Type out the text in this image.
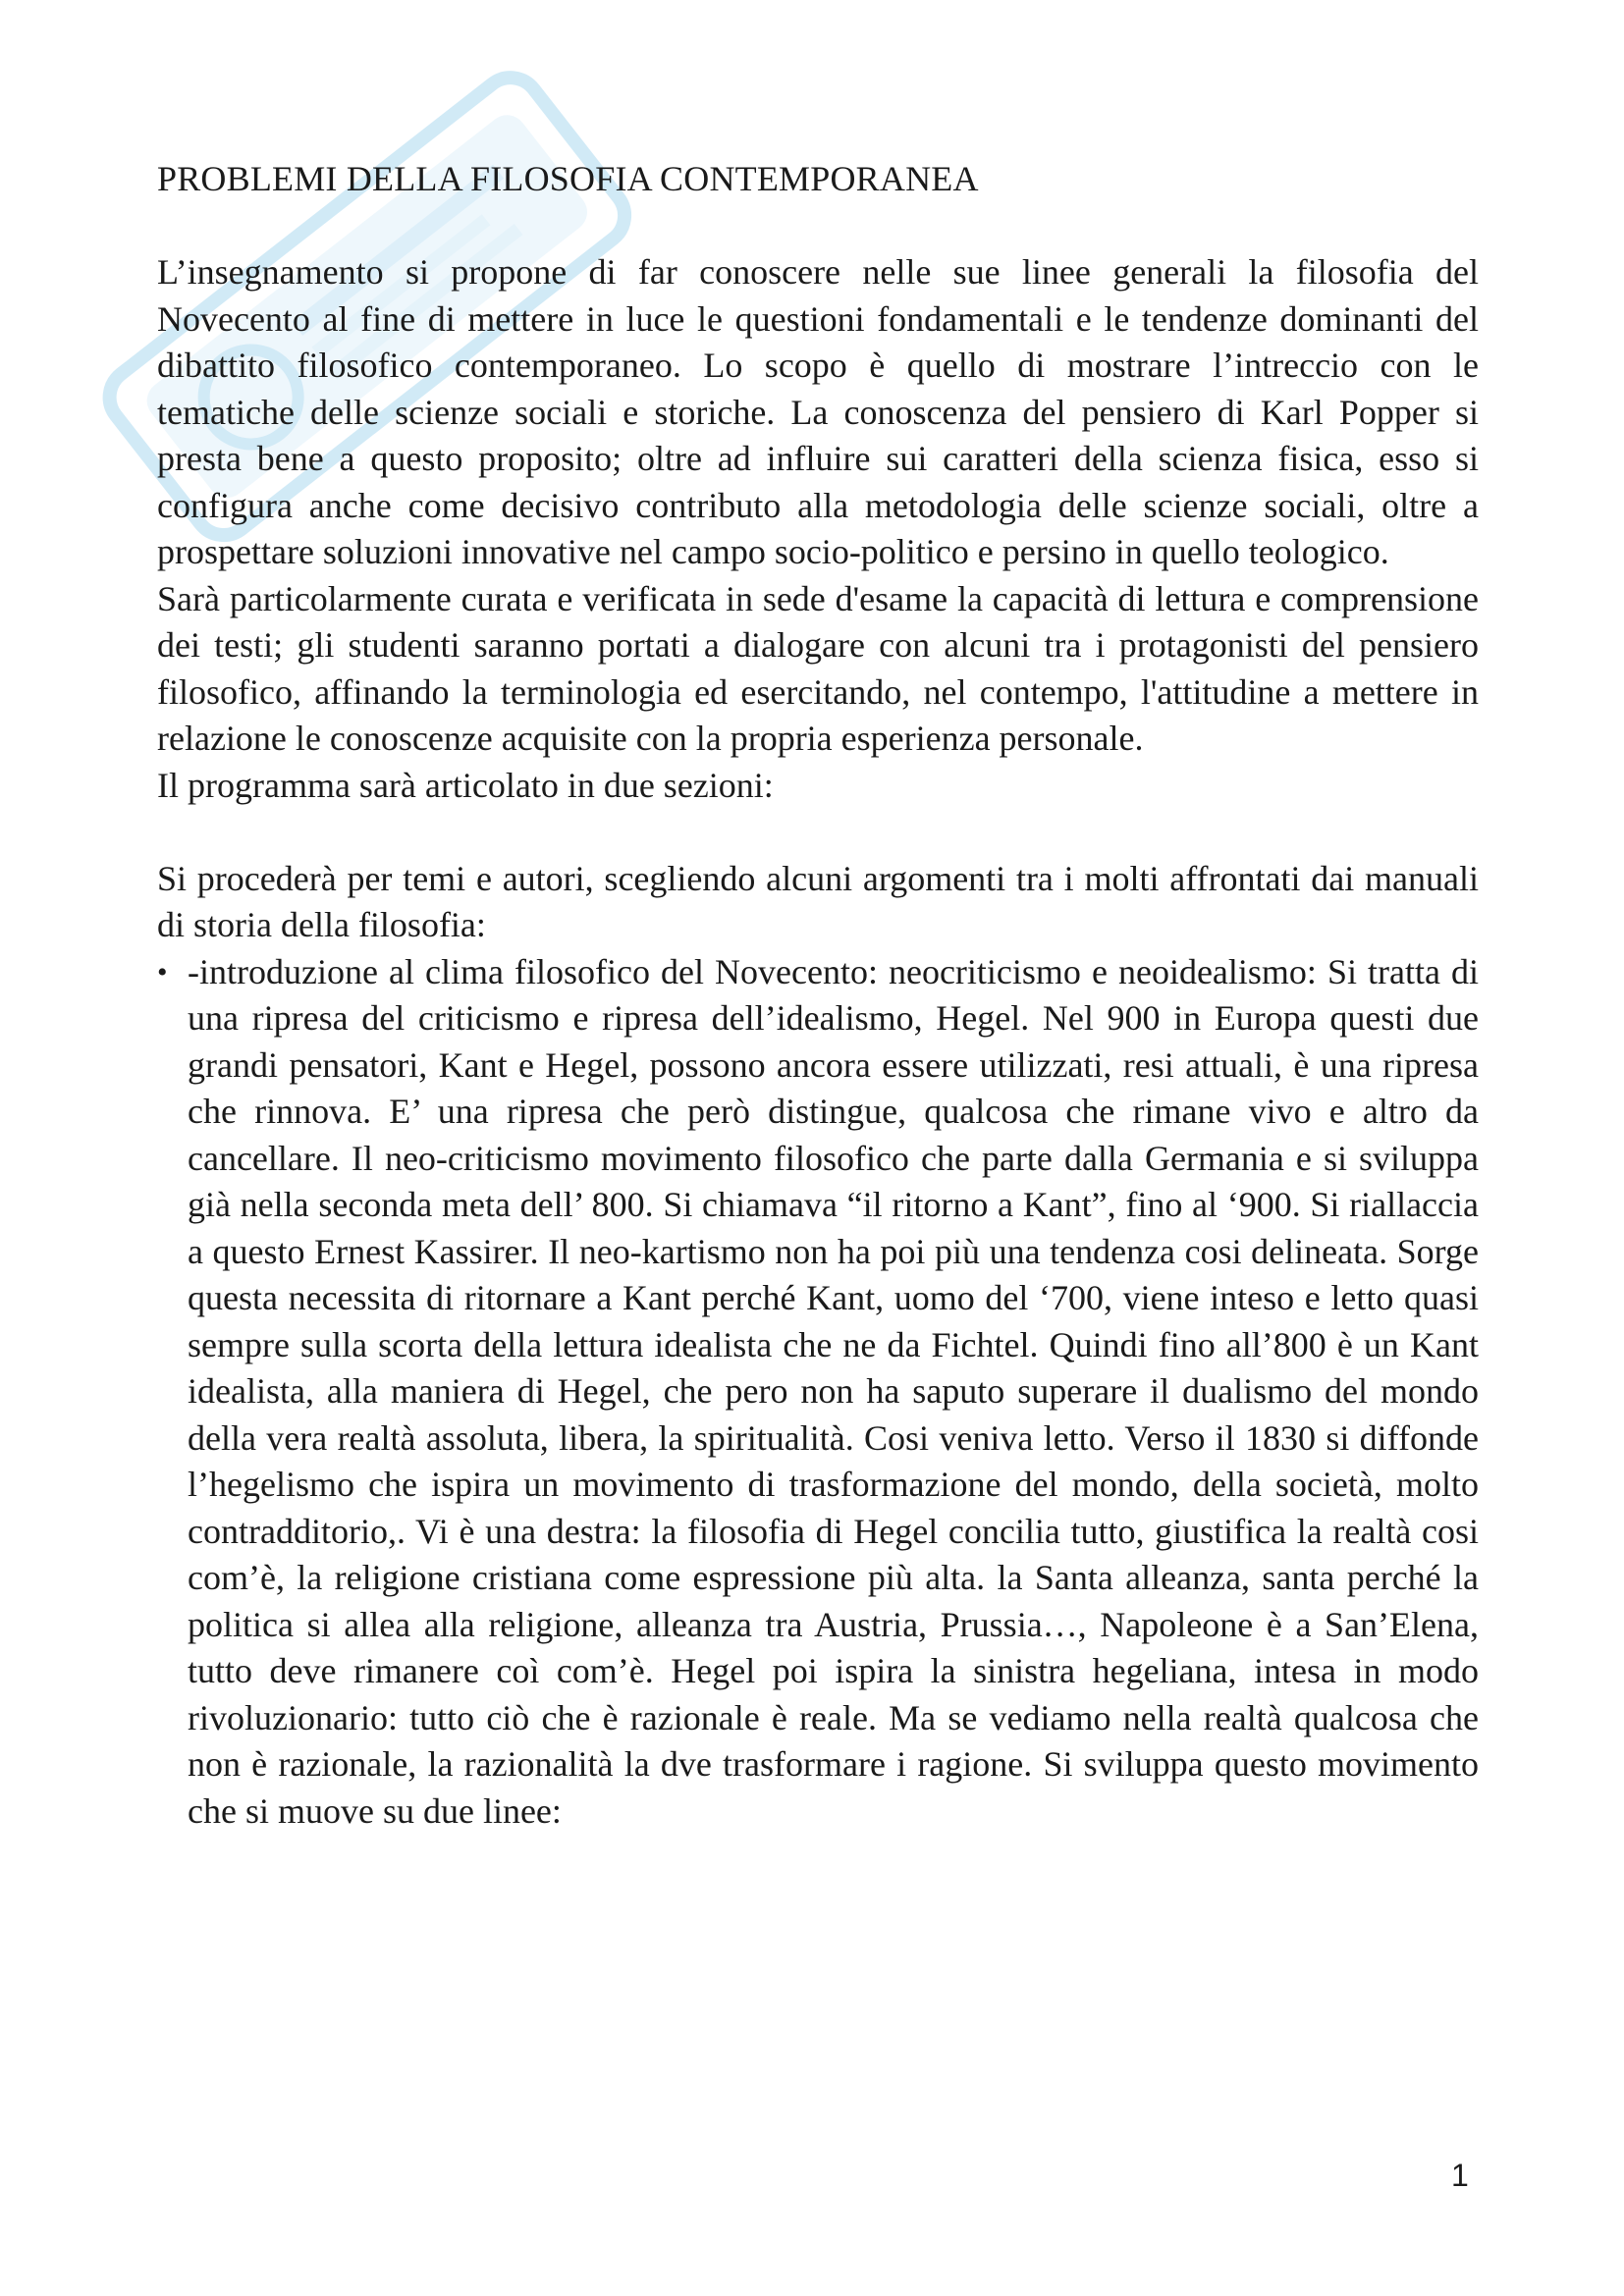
PROBLEMI DELLA FILOSOFIA CONTEMPORANEA

L’insegnamento si propone di far conoscere nelle sue linee generali la filosofia del Novecento al fine di mettere in luce le questioni fondamentali e le tendenze dominanti del dibattito filosofico contemporaneo. Lo scopo è quello di mostrare l’intreccio con le tematiche delle scienze sociali e storiche. La conoscenza del pensiero di Karl Popper si presta bene a questo proposito; oltre ad influire sui caratteri della scienza fisica, esso si configura anche come decisivo contributo alla metodologia delle scienze sociali, oltre a prospettare soluzioni innovative nel campo socio-politico e persino in quello teologico.

Sarà particolarmente curata e verificata in sede d'esame la capacità di lettura e comprensione dei testi; gli studenti saranno portati a dialogare con alcuni tra i protagonisti del pensiero filosofico, affinando la terminologia ed esercitando, nel contempo, l'attitudine a mettere in relazione le conoscenze acquisite con la propria esperienza personale.

Il programma sarà articolato in due sezioni:

Si procederà per temi e autori, scegliendo alcuni argomenti tra i molti affrontati dai manuali di storia della filosofia:

• -introduzione al clima filosofico del Novecento: neocriticismo e neoidealismo: Si tratta di una ripresa del criticismo e ripresa dell’idealismo, Hegel. Nel 900 in Europa questi due grandi pensatori, Kant e Hegel, possono ancora essere utilizzati, resi attuali, è una ripresa che rinnova. E’ una ripresa che però distingue, qualcosa che rimane vivo e altro da cancellare. Il neo-criticismo movimento filosofico che parte dalla Germania e si sviluppa già nella seconda meta dell’ 800. Si chiamava “il ritorno a Kant”, fino al ‘900. Si riallaccia a questo Ernest Kassirer. Il neo-kartismo non ha poi più una tendenza cosi delineata. Sorge questa necessita di ritornare a Kant perché Kant, uomo del ‘700, viene inteso e letto quasi sempre sulla scorta della lettura idealista che ne da Fichtel. Quindi fino all’800 è un Kant idealista, alla maniera di Hegel, che pero non ha saputo superare il dualismo del mondo della vera realtà assoluta, libera, la spiritualità. Cosi veniva letto. Verso il 1830 si diffonde l’hegelismo che ispira un movimento di trasformazione del mondo, della società, molto contradditorio,. Vi è una destra: la filosofia di Hegel concilia tutto, giustifica la realtà cosi com’è, la religione cristiana come espressione più alta. la Santa alleanza, santa perché la politica si allea alla religione, alleanza tra Austria, Prussia…, Napoleone è a San’Elena, tutto deve rimanere coì com’è. Hegel poi ispira la sinistra hegeliana, intesa in modo rivoluzionario: tutto ciò che è razionale è reale. Ma se vediamo nella realtà qualcosa che non è razionale, la razionalità la dve trasformare i ragione. Si sviluppa questo movimento che si muove su due linee:
1
